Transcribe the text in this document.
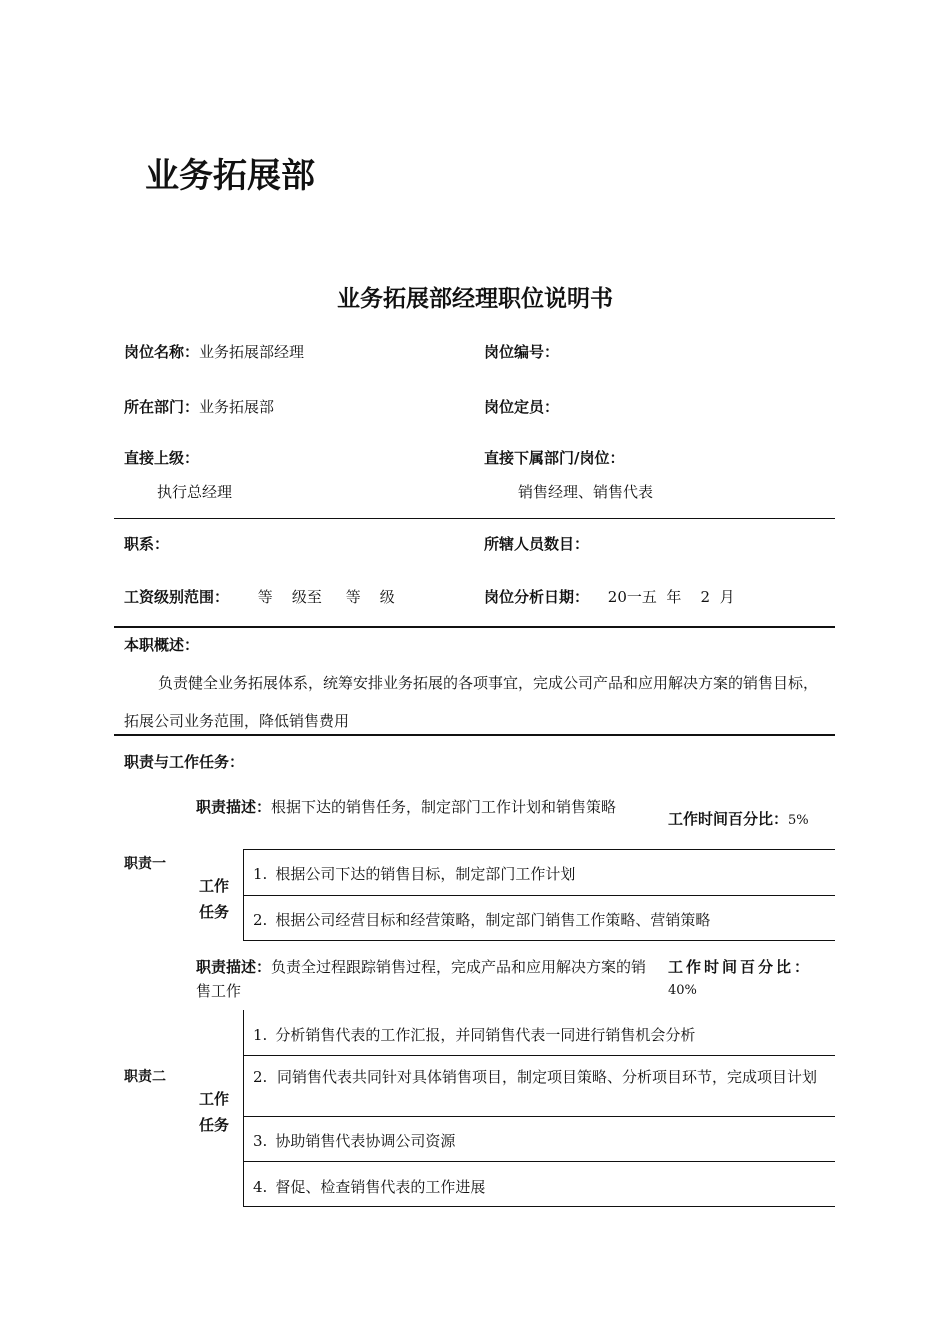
业务拓展部
业务拓展部经理职位说明书
岗位名称：业务拓展部经理	岗位编号：
所在部门：业务拓展部	岗位定员：
直接上级：
执行总经理
直接下属部门/岗位：
销售经理、销售代表
职系：	所辖人员数目：
工资级别范围： 等    级至     等    级	岗位分析日期： 20一五  年    2  月
本职概述：
负责健全业务拓展体系，统筹安排业务拓展的各项事宜，完成公司产品和应用解决方案的销售目标，拓展公司业务范围，降低销售费用
职责与工作任务：
职责一
职责描述：根据下达的销售任务，制定部门工作计划和销售策略
工作时间百分比：5%
工作任务
1. 根据公司下达的销售目标，制定部门工作计划
2. 根据公司经营目标和经营策略，制定部门销售工作策略、营销策略
职责二
职责描述：负责全过程跟踪销售过程，完成产品和应用解决方案的销售工作
工作时间百分比：
40%
工作任务
1. 分析销售代表的工作汇报，并同销售代表一同进行销售机会分析
2. 同销售代表共同针对具体销售项目，制定项目策略、分析项目环节，完成项目计划
3. 协助销售代表协调公司资源
4. 督促、检查销售代表的工作进展
